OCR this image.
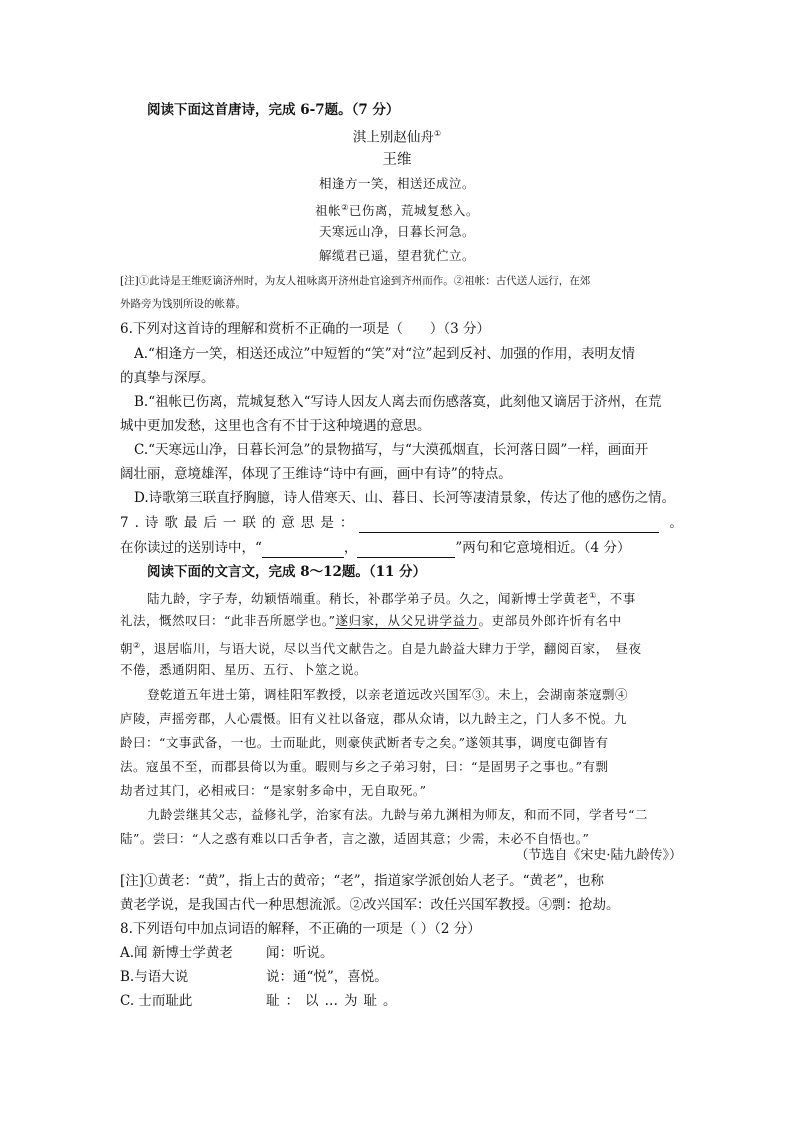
阅读下面这首唐诗，完成 6-7题。（7 分）
淇上别赵仙舟①
王维
相逢方一笑，相送还成泣。
祖帐②已伤离，荒城复愁入。
天寒远山净，日暮长河急。
解缆君已遥，望君犹伫立。
[注]①此诗是王维贬谪济州时，为友人祖咏离开济州赴官途到齐州而作。②祖帐：古代送人远行，在郊
外路旁为饯别所设的帐幕。
6.下列对这首诗的理解和赏析不正确的一项是（　　）（3 分）
A.“相逢方一笑，相送还成泣”中短暂的“笑”对“泣”起到反衬、加强的作用，表明友情
的真挚与深厚。
B.“祖帐已伤离，荒城复愁入“写诗人因友人离去而伤感落寞，此刻他又谪居于济州，在荒
城中更加发愁，这里也含有不甘于这种境遇的意思。
C.“天寒远山净，日暮长河急”的景物描写，与“大漠孤烟直，长河落日圆”一样，画面开
阔壮丽，意境雄浑，体现了王维诗“诗中有画，画中有诗”的特点。
D.诗歌第三联直抒胸臆，诗人借寒天、山、暮日、长河等凄清景象，传达了他的感伤之情。
7.诗歌最后一联的意思是：	。
在你读过的送别诗中，“	，	”两句和它意境相近。（4 分）
阅读下面的文言文，完成 8～12题。（11 分）
陆九龄，字子寿，幼颖悟端重。稍长，补郡学弟子员。久之，闻新博士学黄老①，不事
礼法，慨然叹曰：“此非吾所愿学也。”遂归家，从父兄讲学益力。吏部员外郎许忻有名中
朝②，退居临川，与语大说，尽以当代文献告之。自是九龄益大肆力于学，翻阅百家，　昼夜
不倦，悉通阴阳、星历、五行、卜筮之说。
登乾道五年进士第，调桂阳军教授，以亲老道远改兴国军③。未上，会湖南茶寇剽④
庐陵，声摇旁郡，人心震慑。旧有义社以备寇，郡从众请，以九龄主之，门人多不悦。九
龄曰：“文事武备，一也。士而耻此，则豪侠武断者专之矣。”遂领其事，调度屯御皆有
法。寇虽不至，而郡县倚以为重。暇则与乡之子弟习射，曰：“是固男子之事也。”有剽
劫者过其门，必相戒曰：“是家射多命中，无自取死。”
九龄尝继其父志，益修礼学，治家有法。九龄与弟九渊相为师友，和而不同，学者号“二
陆”。尝曰：“人之惑有难以口舌争者，言之激，适固其意；少需，未必不自悟也。”
（节选自《宋史·陆九龄传》）
[注]①黄老：“黄”，指上古的黄帝；“老”，指道家学派创始人老子。“黄老”，也称
黄老学说，是我国古代一种思想流派。②改兴国军：改任兴国军教授。④剽：抢劫。
8.下列语句中加点词语的解释，不正确的一项是（ ）（2 分）
A.闻 新博士学黄老 闻：听说。
B.与语大说	说：通“悦”，喜悦。
C. 士而耻此	耻：以…为耻。
